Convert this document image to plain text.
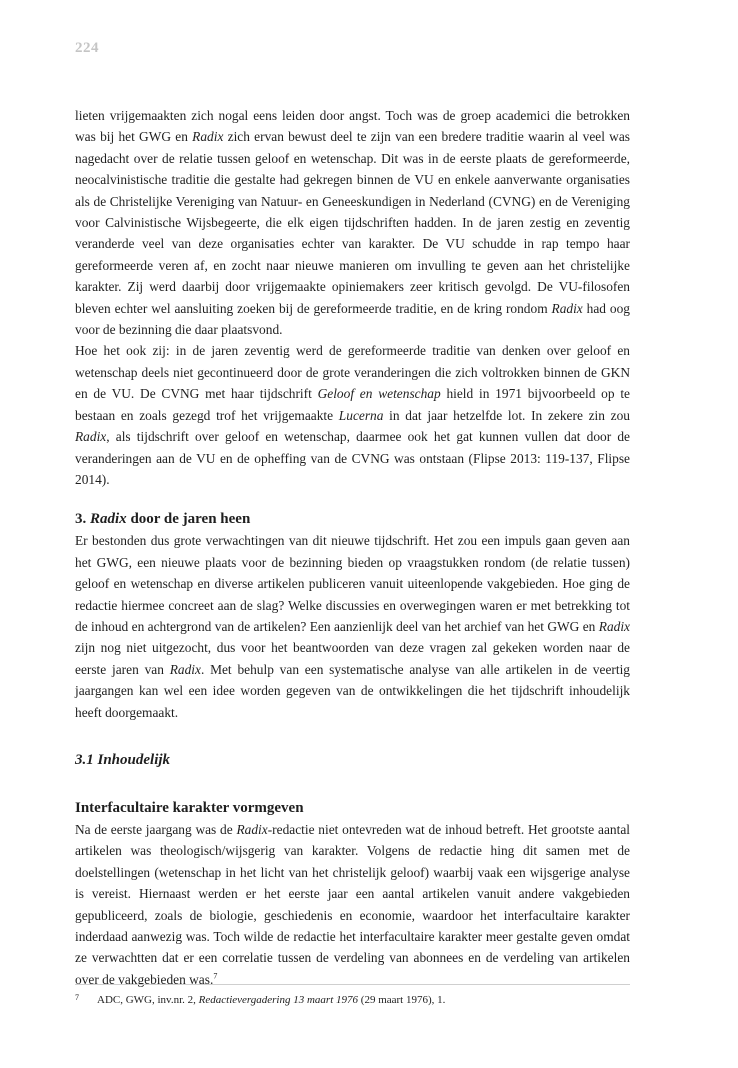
224

lieten vrijgemaakten zich nogal eens leiden door angst. Toch was de groep academici die betrokken was bij het GWG en Radix zich ervan bewust deel te zijn van een bredere traditie waarin al veel was nagedacht over de relatie tussen geloof en wetenschap. Dit was in de eerste plaats de gereformeerde, neocalvinistische traditie die gestalte had gekregen binnen de VU en enkele aanverwante organisaties als de Christelijke Vereniging van Natuur- en Geneeskundigen in Nederland (CVNG) en de Vereniging voor Calvinistische Wijsbegeerte, die elk eigen tijdschriften hadden. In de jaren zestig en zeventig veranderde veel van deze organisaties echter van karakter. De VU schudde in rap tempo haar gereformeerde veren af, en zocht naar nieuwe manieren om invulling te geven aan het christelijke karakter. Zij werd daarbij door vrijgemaakte opiniemakers zeer kritisch gevolgd. De VU-filosofen bleven echter wel aansluiting zoeken bij de gereformeerde traditie, en de kring rondom Radix had oog voor de bezinning die daar plaatsvond.

Hoe het ook zij: in de jaren zeventig werd de gereformeerde traditie van denken over geloof en wetenschap deels niet gecontinueerd door de grote veranderingen die zich voltrokken binnen de GKN en de VU. De CVNG met haar tijdschrift Geloof en wetenschap hield in 1971 bijvoorbeeld op te bestaan en zoals gezegd trof het vrijgemaakte Lucerna in dat jaar hetzelfde lot. In zekere zin zou Radix, als tijdschrift over geloof en wetenschap, daarmee ook het gat kunnen vullen dat door de veranderingen aan de VU en de opheffing van de CVNG was ontstaan (Flipse 2013: 119-137, Flipse 2014).

3. Radix door de jaren heen

Er bestonden dus grote verwachtingen van dit nieuwe tijdschrift. Het zou een impuls gaan geven aan het GWG, een nieuwe plaats voor de bezinning bieden op vraagstukken rondom (de relatie tussen) geloof en wetenschap en diverse artikelen publiceren vanuit uiteenlopende vakgebieden. Hoe ging de redactie hiermee concreet aan de slag? Welke discussies en overwegingen waren er met betrekking tot de inhoud en achtergrond van de artikelen? Een aanzienlijk deel van het archief van het GWG en Radix zijn nog niet uitgezocht, dus voor het beantwoorden van deze vragen zal gekeken worden naar de eerste jaren van Radix. Met behulp van een systematische analyse van alle artikelen in de veertig jaargangen kan wel een idee worden gegeven van de ontwikkelingen die het tijdschrift inhoudelijk heeft doorgemaakt.

3.1 Inhoudelijk
Interfacultaire karakter vormgeven

Na de eerste jaargang was de Radix-redactie niet ontevreden wat de inhoud betreft. Het grootste aantal artikelen was theologisch/wijsgerig van karakter. Volgens de redactie hing dit samen met de doelstellingen (wetenschap in het licht van het christelijk geloof) waarbij vaak een wijsgerige analyse is vereist. Hiernaast werden er het eerste jaar een aantal artikelen vanuit andere vakgebieden gepubliceerd, zoals de biologie, geschiedenis en economie, waardoor het interfacultaire karakter inderdaad aanwezig was. Toch wilde de redactie het interfacultaire karakter meer gestalte geven omdat ze verwachtten dat er een correlatie tussen de verdeling van abonnees en de verdeling van artikelen over de vakgebieden was.$^7$

7	ADC, GWG, inv.nr. 2, Redactievergadering 13 maart 1976 (29 maart 1976), 1.
